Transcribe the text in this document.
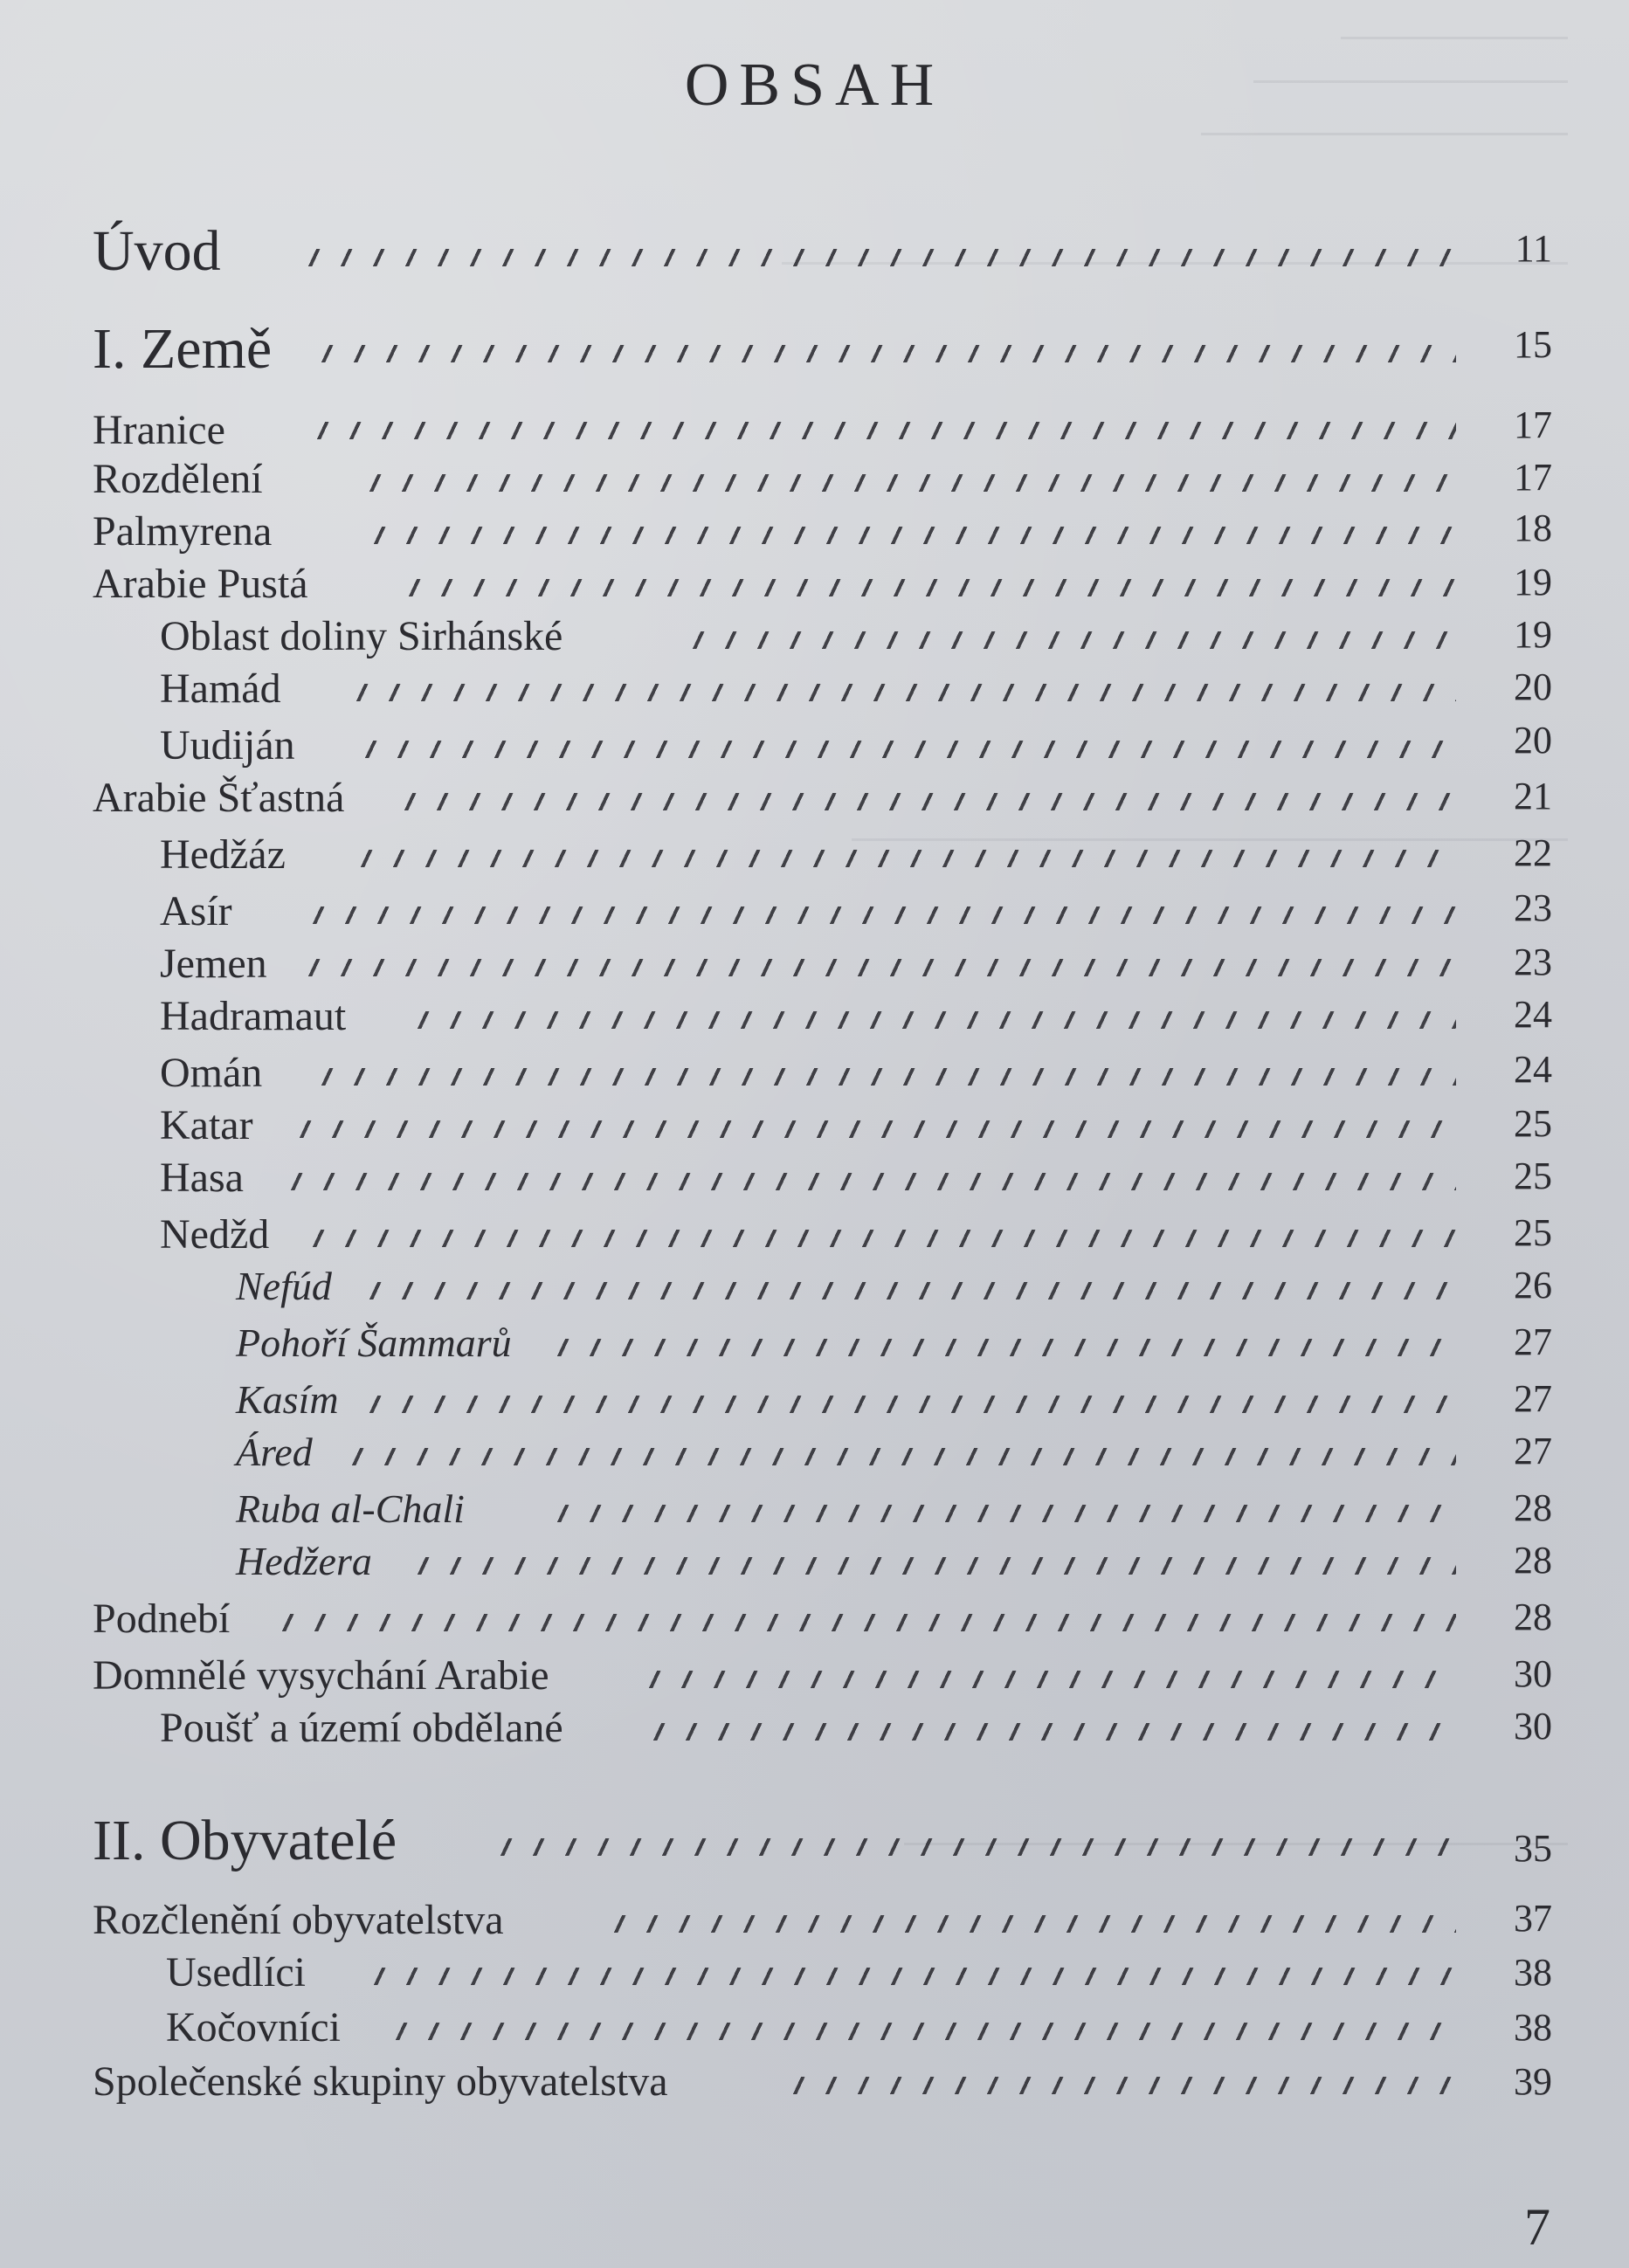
OBSAH
Úvod	11
I. Země	15
Hranice	17
Rozdělení	17
Palmyrena	18
Arabie Pustá	19
Oblast doliny Sirhánské	19
Hamád	20
Uudiján	20
Arabie Šťastná	21
Hedžáz	22
Asír	23
Jemen	23
Hadramaut	24
Omán	24
Katar	25
Hasa	25
Nedžd	25
Nefúd	26
Pohoří Šammarů	27
Kasím	27
Áred	27
Ruba al-Chali	28
Hedžera	28
Podnebí	28
Domnělé vysychání Arabie	30
Poušť a území obdělané	30
II. Obyvatelé	35
Rozčlenění obyvatelstva	37
Usedlíci	38
Kočovníci	38
Společenské skupiny obyvatelstva	39
7
